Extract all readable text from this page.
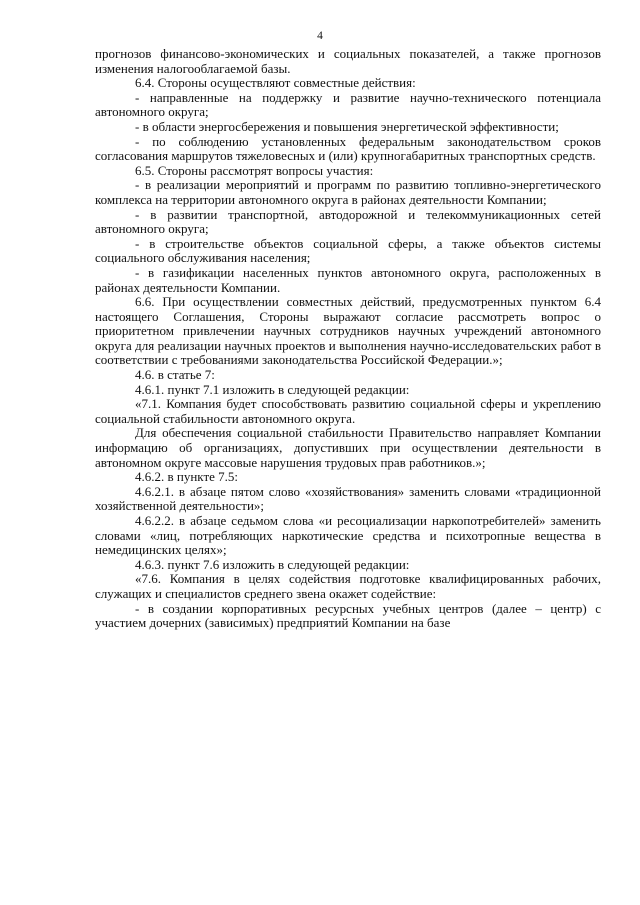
4

прогнозов финансово-экономических и социальных показателей, а также прогнозов изменения налогооблагаемой базы.

6.4. Стороны осуществляют совместные действия:

- направленные на поддержку и развитие научно-технического потенциала автономного округа;

- в области энергосбережения и повышения энергетической эффективности;

- по соблюдению установленных федеральным законодательством сроков согласования маршрутов тяжеловесных и (или) крупногабаритных транспортных средств.

6.5. Стороны рассмотрят вопросы участия:

- в реализации мероприятий и программ по развитию топливно-энергетического комплекса на территории автономного округа в районах деятельности Компании;

- в развитии транспортной, автодорожной и телекоммуникационных сетей автономного округа;

- в строительстве объектов социальной сферы, а также объектов системы социального обслуживания населения;

- в газификации населенных пунктов автономного округа, расположенных в районах деятельности Компании.

6.6. При осуществлении совместных действий, предусмотренных пунктом 6.4 настоящего Соглашения, Стороны выражают согласие рассмотреть вопрос о приоритетном привлечении научных сотрудников научных учреждений автономного округа для реализации научных проектов и выполнения научно-исследовательских работ в соответствии с требованиями законодательства Российской Федерации.»;

4.6. в статье 7:

4.6.1. пункт 7.1 изложить в следующей редакции:

«7.1. Компания будет способствовать развитию социальной сферы и укреплению социальной стабильности автономного округа.

Для обеспечения социальной стабильности Правительство направляет Компании информацию об организациях, допустивших при осуществлении деятельности в автономном округе массовые нарушения трудовых прав работников.»;

4.6.2. в пункте 7.5:

4.6.2.1. в абзаце пятом слово «хозяйствования» заменить словами «традиционной хозяйственной деятельности»;

4.6.2.2. в абзаце седьмом слова «и ресоциализации наркопотребителей» заменить словами «лиц, потребляющих наркотические средства и психотропные вещества в немедицинских целях»;

4.6.3. пункт 7.6 изложить в следующей редакции:

«7.6. Компания в целях содействия подготовке квалифицированных рабочих, служащих и специалистов среднего звена окажет содействие:

- в создании корпоративных ресурсных учебных центров (далее – центр) с участием дочерних (зависимых) предприятий Компании на базе
